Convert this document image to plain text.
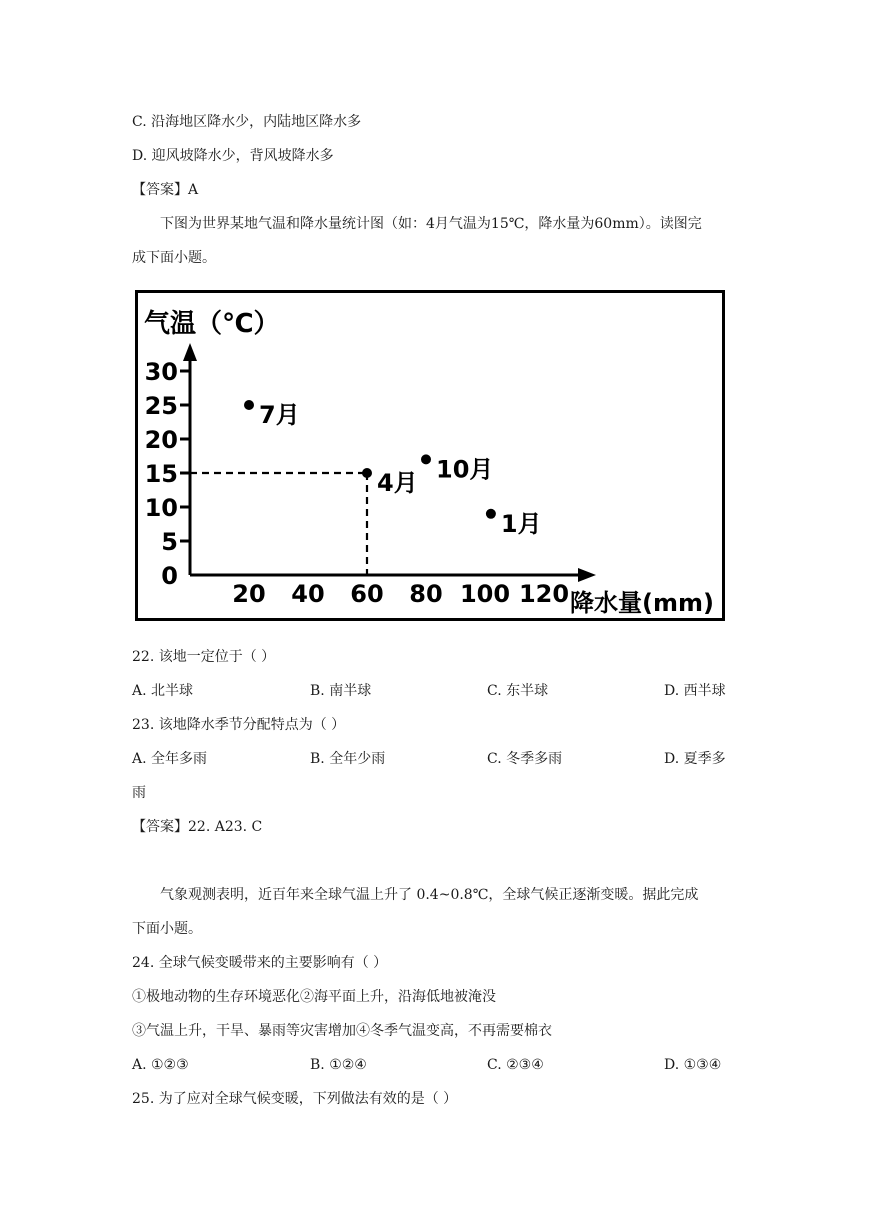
C. 沿海地区降水少，内陆地区降水多
D. 迎风坡降水少，背风坡降水多
【答案】A
下图为世界某地气温和降水量统计图（如：4月气温为15℃，降水量为60mm）。读图完
成下面小题。
气温（℃）
降水量(mm)
0
5
10
15
20
25
30
20 40 60 80 100 120
7月
4月 10月
1月
22. 该地一定位于（ ）
A. 北半球	B. 南半球	C. 东半球	D. 西半球
23. 该地降水季节分配特点为（ ）
A. 全年多雨	B. 全年少雨	C. 冬季多雨	D. 夏季多
雨
【答案】22. A23. C
气象观测表明，近百年来全球气温上升了 0.4~0.8℃，全球气候正逐渐变暖。据此完成
下面小题。
24. 全球气候变暖带来的主要影响有（ ）
①极地动物的生存环境恶化②海平面上升，沿海低地被淹没
③气温上升，干旱、暴雨等灾害增加④冬季气温变高，不再需要棉衣
A. ①②③	B. ①②④	C. ②③④	D. ①③④
25. 为了应对全球气候变暖，下列做法有效的是（ ）
